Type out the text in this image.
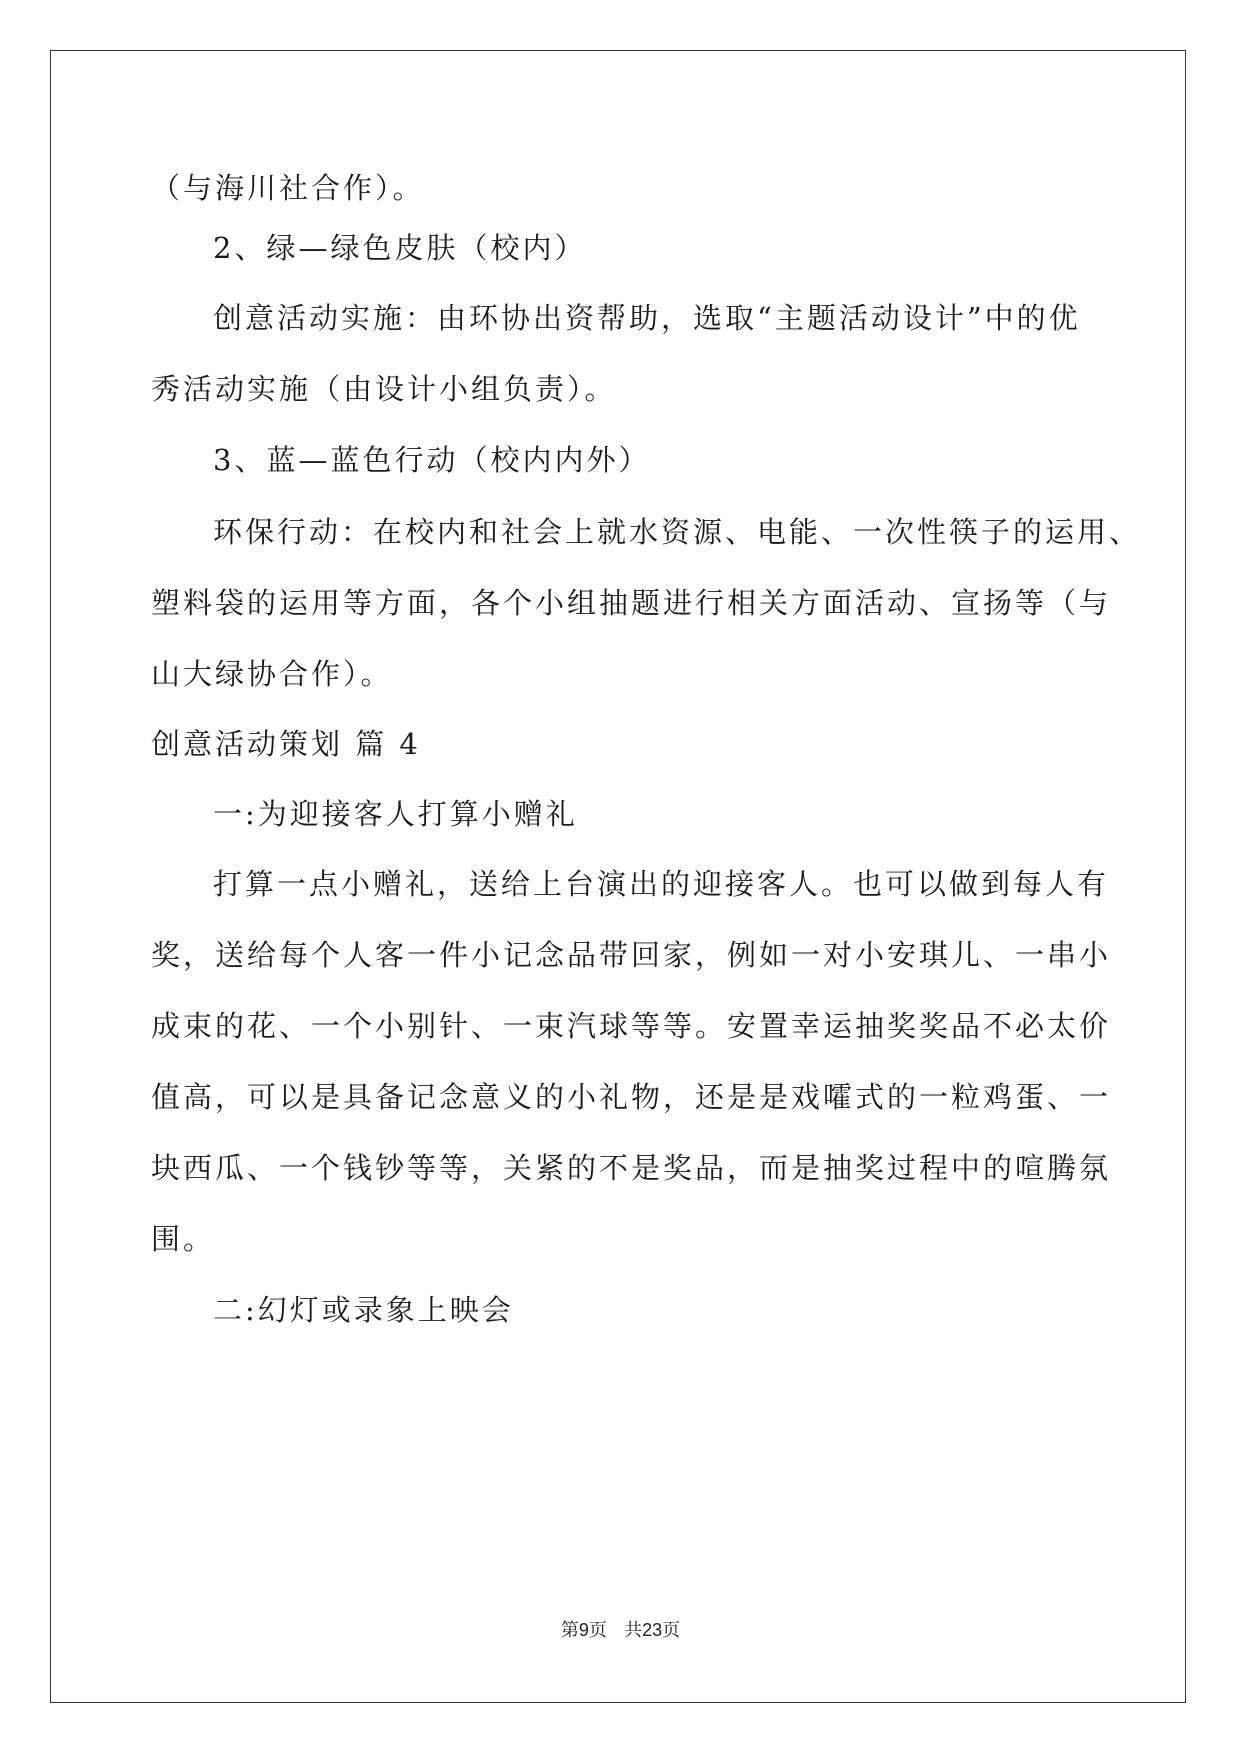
（与海川社合作）。

2、绿—绿色皮肤（校内）

创意活动实施：由环协出资帮助，选取“主题活动设计”中的优

秀活动实施（由设计小组负责）。

3、蓝—蓝色行动（校内内外）

环保行动：在校内和社会上就水资源、电能、一次性筷子的运用、

塑料袋的运用等方面，各个小组抽题进行相关方面活动、宣扬等（与

山大绿协合作）。

创意活动策划 篇 4

一:为迎接客人打算小赠礼

打算一点小赠礼，送给上台演出的迎接客人。也可以做到每人有

奖，送给每个人客一件小记念品带回家，例如一对小安琪儿、一串小

成束的花、一个小别针、一束汽球等等。安置幸运抽奖奖品不必太价

值高，可以是具备记念意义的小礼物，还是是戏嚯式的一粒鸡蛋、一

块西瓜、一个钱钞等等，关紧的不是奖品，而是抽奖过程中的喧腾氛

围。

二:幻灯或录象上映会

第9页 共23页
